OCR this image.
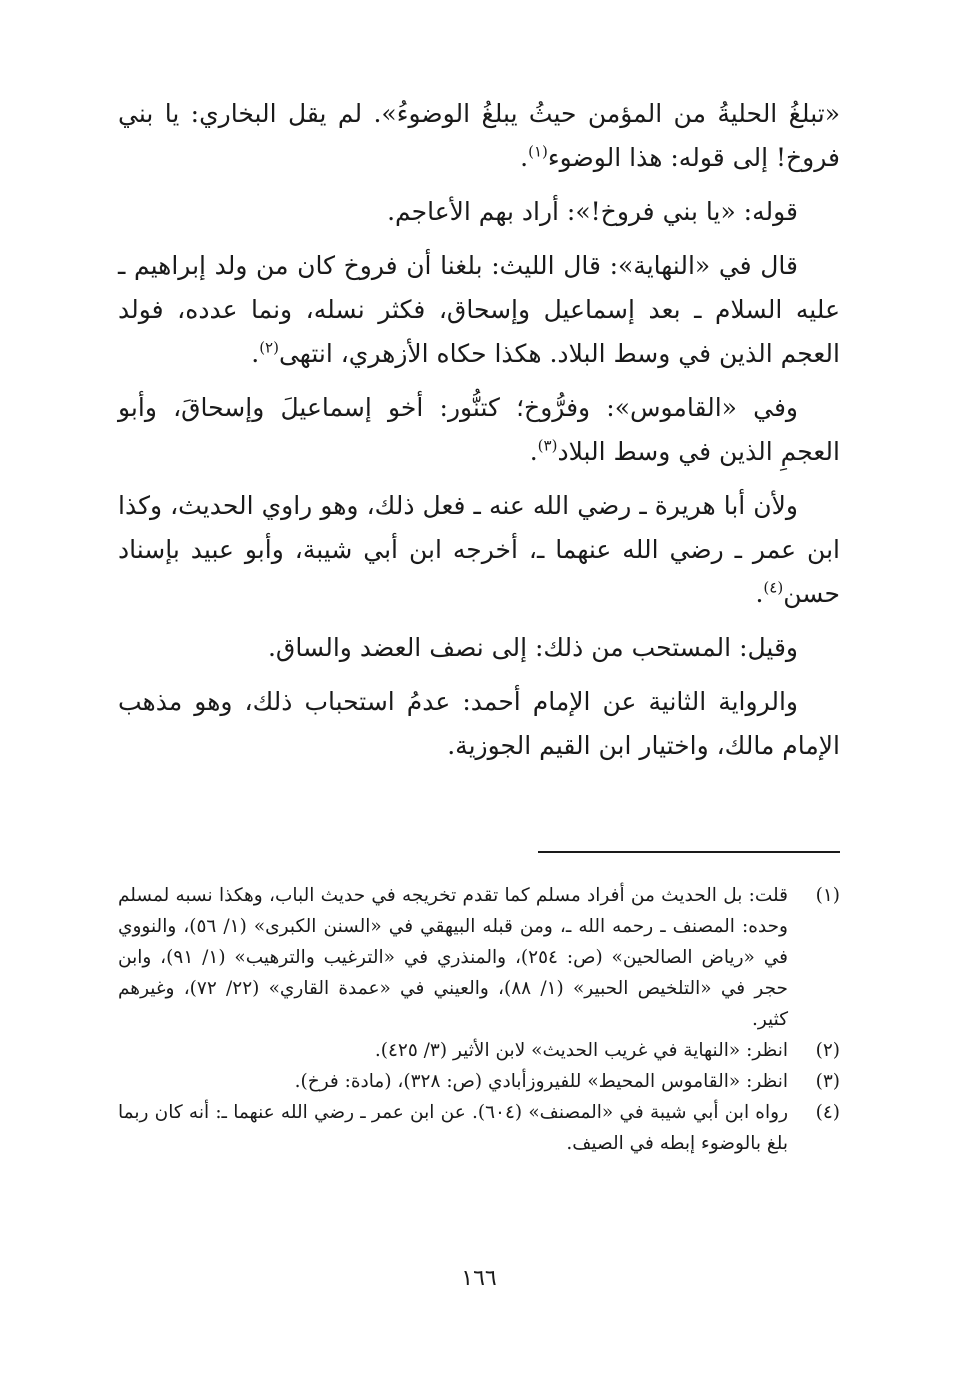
«تبلغُ الحليةُ من المؤمن حيثُ يبلغُ الوضوءُ». لم يقل البخاري: يا بني فروخ! إلى قوله: هذا الوضوء$^{(١)}$.

قوله: «يا بني فروخ!»: أراد بهم الأعاجم.

قال في «النهاية»: قال الليث: بلغنا أن فروخ كان من ولد إبراهيم ـ عليه السلام ـ بعد إسماعيل وإسحاق، فكثر نسله، ونما عدده، فولد العجم الذين في وسط البلاد. هكذا حكاه الأزهري، انتهى$^{(٢)}$.

وفي «القاموس»: وفرُّوخ؛ كتنُّور: أخو إسماعيلَ وإسحاقَ، وأبو العجمِ الذين في وسط البلاد$^{(٣)}$.

ولأن أبا هريرة ـ رضي الله عنه ـ فعل ذلك، وهو راوي الحديث، وكذا ابن عمر ـ رضي الله عنهما ـ، أخرجه ابن أبي شيبة، وأبو عبيد بإسناد حسن$^{(٤)}$.

وقيل: المستحب من ذلك: إلى نصف العضد والساق.

والرواية الثانية عن الإمام أحمد: عدمُ استحباب ذلك، وهو مذهب الإمام مالك، واختيار ابن القيم الجوزية.

(١)
قلت: بل الحديث من أفراد مسلم كما تقدم تخريجه في حديث الباب، وهكذا نسبه لمسلم وحده: المصنف ـ رحمه الله ـ، ومن قبله البيهقي في «السنن الكبرى» (١/ ٥٦)، والنووي في «رياض الصالحين» (ص: ٢٥٤)، والمنذري في «الترغيب والترهيب» (١/ ٩١)، وابن حجر في «التلخيص الحبير» (١/ ٨٨)، والعيني في «عمدة القاري» (٢٢/ ٧٢)، وغيرهم كثير.
(٢)
انظر: «النهاية في غريب الحديث» لابن الأثير (٣/ ٤٢٥).
(٣)
انظر: «القاموس المحيط» للفيروزأبادي (ص: ٣٢٨)، (مادة: فرخ).
(٤)
رواه ابن أبي شيبة في «المصنف» (٦٠٤). عن ابن عمر ـ رضي الله عنهما ـ: أنه كان ربما بلغ بالوضوء إبطه في الصيف.
١٦٦
